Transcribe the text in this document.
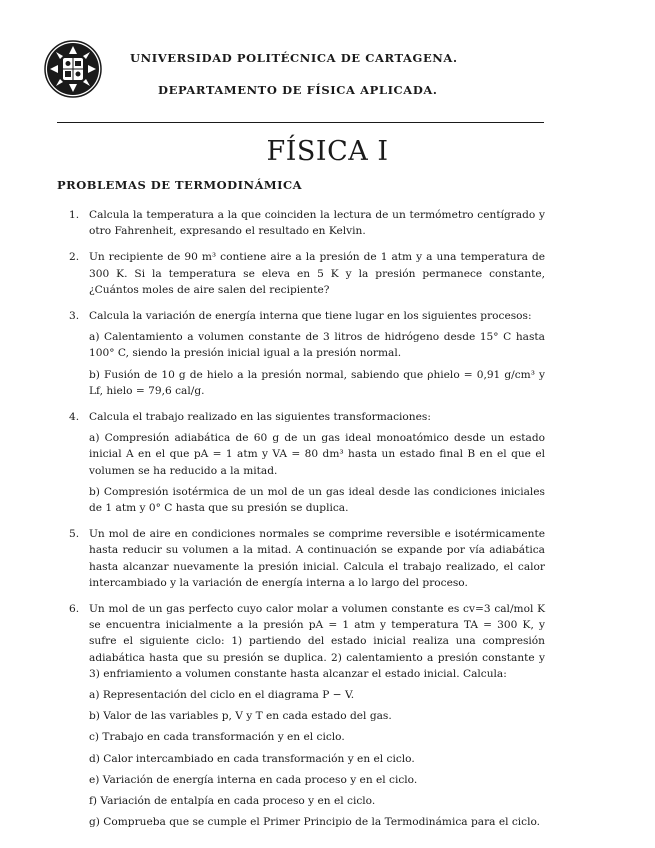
UNIVERSIDAD POLITÉCNICA DE CARTAGENA.
DEPARTAMENTO DE FÍSICA APLICADA.
FÍSICA I
PROBLEMAS DE TERMODINÁMICA
1. Calcula la temperatura a la que coinciden la lectura de un termómetro centígrado y otro Fahrenheit, expresando el resultado en Kelvin.

2. Un recipiente de 90 m³ contiene aire a la presión de 1 atm y a una temperatura de 300 K. Si la temperatura se eleva en 5 K y la presión permanece constante, ¿Cuántos moles de aire salen del recipiente?

3. Calcula la variación de energía interna que tiene lugar en los siguientes procesos:

a) Calentamiento a volumen constante de 3 litros de hidrógeno desde 15° C hasta 100° C, siendo la presión inicial igual a la presión normal.

b) Fusión de 10 g de hielo a la presión normal, sabiendo que ρhielo = 0,91 g/cm³ y Lf, hielo = 79,6 cal/g.

4. Calcula el trabajo realizado en las siguientes transformaciones:

a) Compresión adiabática de 60 g de un gas ideal monoatómico desde un estado inicial A en el que pA = 1 atm y VA = 80 dm³ hasta un estado final B en el que el volumen se ha reducido a la mitad.

b) Compresión isotérmica de un mol de un gas ideal desde las condiciones iniciales de 1 atm y 0° C hasta que su presión se duplica.

5. Un mol de aire en condiciones normales se comprime reversible e isotérmicamente hasta reducir su volumen a la mitad. A continuación se expande por vía adiabática hasta alcanzar nuevamente la presión inicial. Calcula el trabajo realizado, el calor intercambiado y la variación de energía interna a lo largo del proceso.

6. Un mol de un gas perfecto cuyo calor molar a volumen constante es cv=3 cal/mol K se encuentra inicialmente a la presión pA = 1 atm y temperatura TA = 300 K, y sufre el siguiente ciclo: 1) partiendo del estado inicial realiza una compresión adiabática hasta que su presión se duplica. 2) calentamiento a presión constante y 3) enfriamiento a volumen constante hasta alcanzar el estado inicial. Calcula:

a) Representación del ciclo en el diagrama P − V.

b) Valor de las variables p, V y T en cada estado del gas.

c) Trabajo en cada transformación y en el ciclo.

d) Calor intercambiado en cada transformación y en el ciclo.

e) Variación de energía interna en cada proceso y en el ciclo.

f) Variación de entalpía en cada proceso y en el ciclo.

g) Comprueba que se cumple el Primer Principio de la Termodinámica para el ciclo.
